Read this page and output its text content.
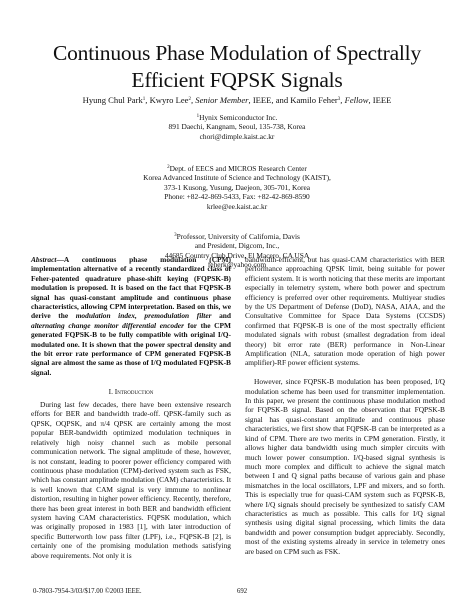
Continuous Phase Modulation of Spectrally
Efficient FQPSK Signals
Hyung Chul Park$^1$, Kwyro Lee$^2$, Senior Member, IEEE, and Kamilo Feher$^3$, Fellow, IEEE
$^1$Hynix Semiconductor Inc.
891 Daechi, Kangnam, Seoul, 135-738, Korea
chori@dimple.kaist.ac.kr
$^2$Dept. of EECS and MICROS Research Center
Korea Advanced Institute of Science and Technology (KAIST),
373-1 Kusong, Yusung, Daejeon, 305-701, Korea
Phone: +82-42-869-5433, Fax: +82-42-869-8590
krlee@ee.kaist.ac.kr
$^3$Professor, University of California, Davis
and President, Digcom, Inc.,
44685 Country Club Drive, El Macero, CA USA
feherk@yahoo.com

Abstract—A continuous phase modulation (CPM) implementation alternative of a recently standardized class of Feher-patented quadrature phase-shift keying (FQPSK-B) modulation is proposed. It is based on the fact that FQPSK-B signal has quasi-constant amplitude and continuous phase characteristics, allowing CPM interpretation. Based on this, we derive the modulation index, premodulation filter and alternating change monitor differential encoder for the CPM generated FQPSK-B to be fully compatible with original I/Q-modulated one. It is shown that the power spectral density and the bit error rate performance of CPM generated FQPSK-B signal are almost the same as those of I/Q modulated FQPSK-B signal.

I. Introduction

During last few decades, there have been extensive research efforts for BER and bandwidth trade-off. QPSK-family such as QPSK, OQPSK, and π/4 QPSK are certainly among the most popular BER-bandwidth optimized modulation techniques in relatively high noisy channel such as mobile personal communication network. The signal amplitude of these, however, is not constant, leading to poorer power efficiency compared with continuous phase modulation (CPM)-derived system such as FSK, which has constant amplitude modulation (CAM) characteristics. It is well known that CAM signal is very immune to nonlinear distortion, resulting in higher power efficiency. Recently, therefore, there has been great interest in both BER and bandwidth efficient system having CAM characteristics. FQPSK modulation, which was originally proposed in 1983 [1], with later introduction of specific Butterworth low pass filter (LPF), i.e., FQPSK-B [2], is certainly one of the promising modulation methods satisfying above requirements. Not only it is

bandwidth-efficient, but has quasi-CAM characteristics with BER performance approaching QPSK limit, being suitable for power efficient system. It is worth noticing that these merits are important especially in telemetry system, where both power and spectrum efficiency is preferred over other requirements. Multiyear studies by the US Department of Defense (DoD), NASA, AIAA, and the Consultative Committee for Space Data Systems (CCSDS) confirmed that FQPSK-B is one of the most spectrally efficient modulated signals with robust (smallest degradation from ideal theory) bit error rate (BER) performance in Non-Linear Amplification (NLA, saturation mode operation of high power amplifier)-RF power efficient systems.

However, since FQPSK-B modulation has been proposed, I/Q modulation scheme has been used for transmitter implementation. In this paper, we present the continuous phase modulation method for FQPSK-B signal. Based on the observation that FQPSK-B signal has quasi-constant amplitude and continuous phase characteristics, we first show that FQPSK-B can be interpreted as a kind of CPM. There are two merits in CPM generation. Firstly, it allows higher data bandwidth using much simpler circuits with much lower power consumption. I/Q-based signal synthesis is much more complex and difficult to achieve the signal match between I and Q signal paths because of various gain and phase mismatches in the local oscillators, LPF and mixers, and so forth. This is especially true for quasi-CAM system such as FQPSK-B, where I/Q signals should precisely be synthesized to satisfy CAM characteristics as much as possible. This calls for I/Q signal synthesis using digital signal processing, which limits the data bandwidth and power consumption budget appreciably. Secondly, most of the existing systems already in service in telemetry ones are based on CPM such as FSK.

0-7803-7954-3/03/$17.00 ©2003 IEEE.	692
